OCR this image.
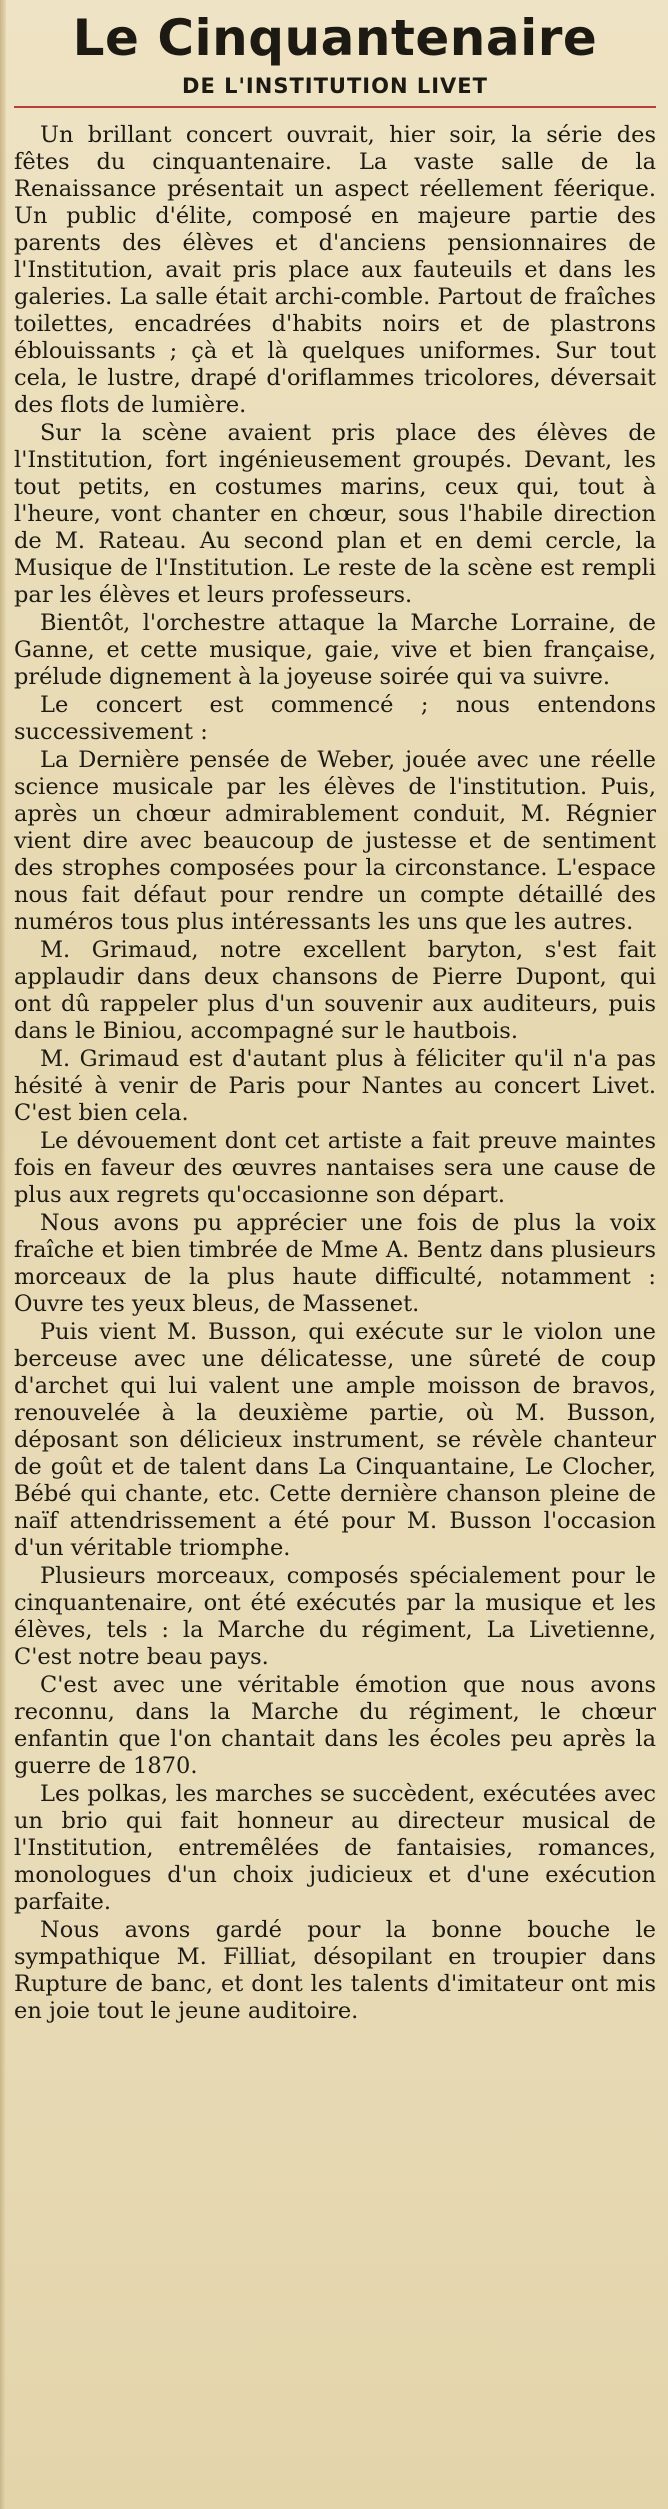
Le Cinquantenaire
DE L'INSTITUTION LIVET

Un brillant concert ouvrait, hier soir, la série des fêtes du cinquantenaire. La vaste salle de la Renaissance présentait un aspect réellement féerique. Un public d'élite, composé en majeure partie des parents des élèves et d'anciens pensionnaires de l'Institution, avait pris place aux fauteuils et dans les galeries. La salle était archi-comble. Partout de fraîches toilettes, encadrées d'habits noirs et de plastrons éblouissants ; çà et là quelques uniformes. Sur tout cela, le lustre, drapé d'oriflammes tricolores, déversait des flots de lumière.

Sur la scène avaient pris place des élèves de l'Institution, fort ingénieusement groupés. Devant, les tout petits, en costumes marins, ceux qui, tout à l'heure, vont chanter en chœur, sous l'habile direction de M. Rateau. Au second plan et en demi cercle, la Musique de l'Institution. Le reste de la scène est rempli par les élèves et leurs professeurs.

Bientôt, l'orchestre attaque la Marche Lorraine, de Ganne, et cette musique, gaie, vive et bien française, prélude dignement à la joyeuse soirée qui va suivre.

Le concert est commencé ; nous entendons successivement :

La Dernière pensée de Weber, jouée avec une réelle science musicale par les élèves de l'institution. Puis, après un chœur admirablement conduit, M. Régnier vient dire avec beaucoup de justesse et de sentiment des strophes composées pour la circonstance. L'espace nous fait défaut pour rendre un compte détaillé des numéros tous plus intéressants les uns que les autres.

M. Grimaud, notre excellent baryton, s'est fait applaudir dans deux chansons de Pierre Dupont, qui ont dû rappeler plus d'un souvenir aux auditeurs, puis dans le Biniou, accompagné sur le hautbois.

M. Grimaud est d'autant plus à féliciter qu'il n'a pas hésité à venir de Paris pour Nantes au concert Livet. C'est bien cela.

Le dévouement dont cet artiste a fait preuve maintes fois en faveur des œuvres nantaises sera une cause de plus aux regrets qu'occasionne son départ.

Nous avons pu apprécier une fois de plus la voix fraîche et bien timbrée de Mme A. Bentz dans plusieurs morceaux de la plus haute difficulté, notamment : Ouvre tes yeux bleus, de Massenet.

Puis vient M. Busson, qui exécute sur le violon une berceuse avec une délicatesse, une sûreté de coup d'archet qui lui valent une ample moisson de bravos, renouvelée à la deuxième partie, où M. Busson, déposant son délicieux instrument, se révèle chanteur de goût et de talent dans La Cinquantaine, Le Clocher, Bébé qui chante, etc. Cette dernière chanson pleine de naïf attendrissement a été pour M. Busson l'occasion d'un véritable triomphe.

Plusieurs morceaux, composés spécialement pour le cinquantenaire, ont été exécutés par la musique et les élèves, tels : la Marche du régiment, La Livetienne, C'est notre beau pays.

C'est avec une véritable émotion que nous avons reconnu, dans la Marche du régiment, le chœur enfantin que l'on chantait dans les écoles peu après la guerre de 1870.

Les polkas, les marches se succèdent, exécutées avec un brio qui fait honneur au directeur musical de l'Institution, entremêlées de fantaisies, romances, monologues d'un choix judicieux et d'une exécution parfaite.

Nous avons gardé pour la bonne bouche le sympathique M. Filliat, désopilant en troupier dans Rupture de banc, et dont les talents d'imitateur ont mis en joie tout le jeune auditoire.
